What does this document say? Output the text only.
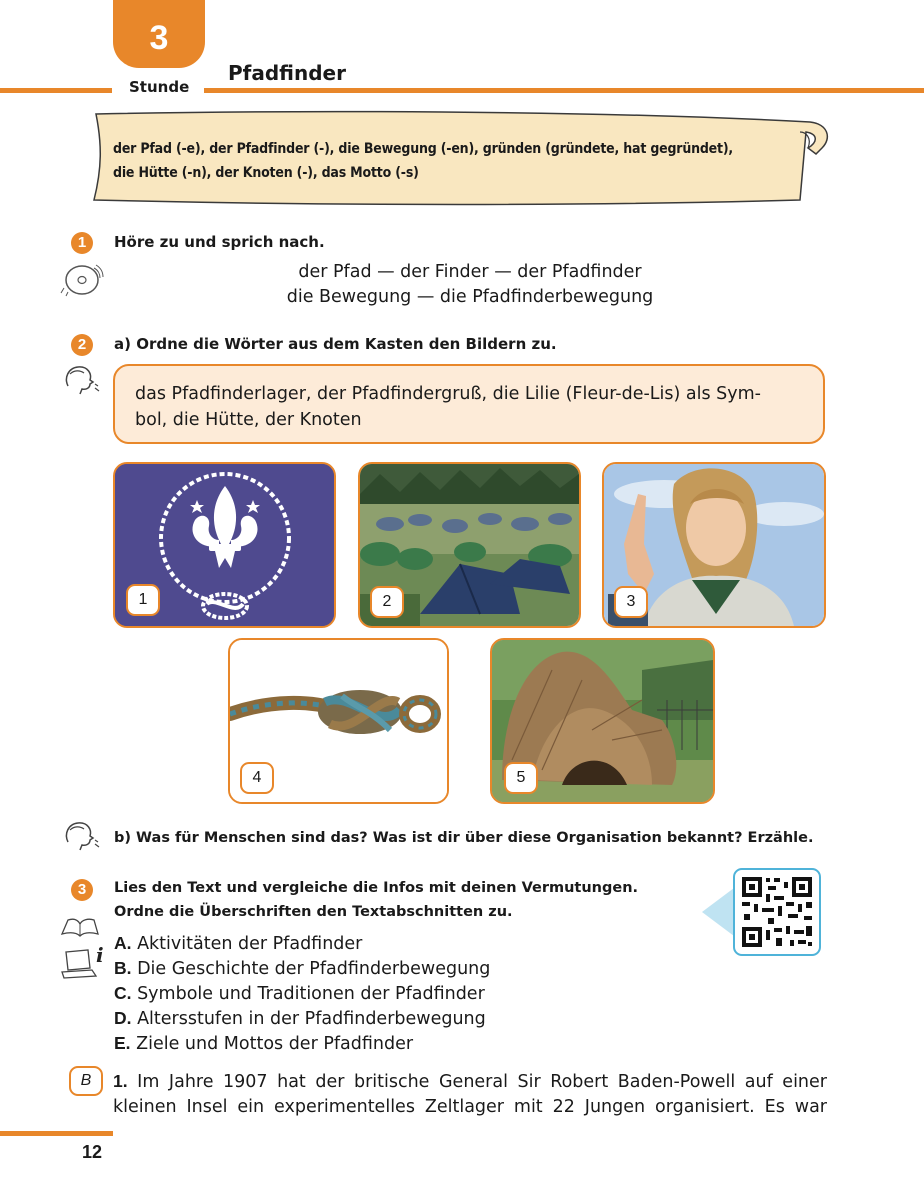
3
Stunde
Pfadfinder
der Pfad (-e), der Pfadfinder (-), die Bewegung (-en), gründen (gründete, hat gegründet),
die Hütte (-n), der Knoten (-), das Motto (-s)
1	Höre zu und sprich nach.
der Pfad — der Finder — der Pfadfinder
die Bewegung — die Pfadfinderbewegung
2	a) Ordne die Wörter aus dem Kasten den Bildern zu.
das Pfadfinderlager, der Pfadfindergruß, die Lilie (Fleur-de-Lis) als Sym-
bol, die Hütte, der Knoten
1	2	3
4	5
b) Was für Menschen sind das? Was ist dir über diese Organisation bekannt? Erzähle.
3	Lies den Text und vergleiche die Infos mit deinen Vermutungen.
Ordne die Überschriften den Textabschnitten zu.
i A. Aktivitäten der Pfadfinder
B. Die Geschichte der Pfadfinderbewegung
C. Symbole und Traditionen der Pfadfinder
D. Altersstufen in der Pfadfinderbewegung
E. Ziele und Mottos der Pfadfinder
B	1. Im Jahre 1907 hat der britische General Sir Robert Baden-Powell auf einer
kleinen Insel ein experimentelles Zeltlager mit 22 Jungen organisiert. Es war
12
